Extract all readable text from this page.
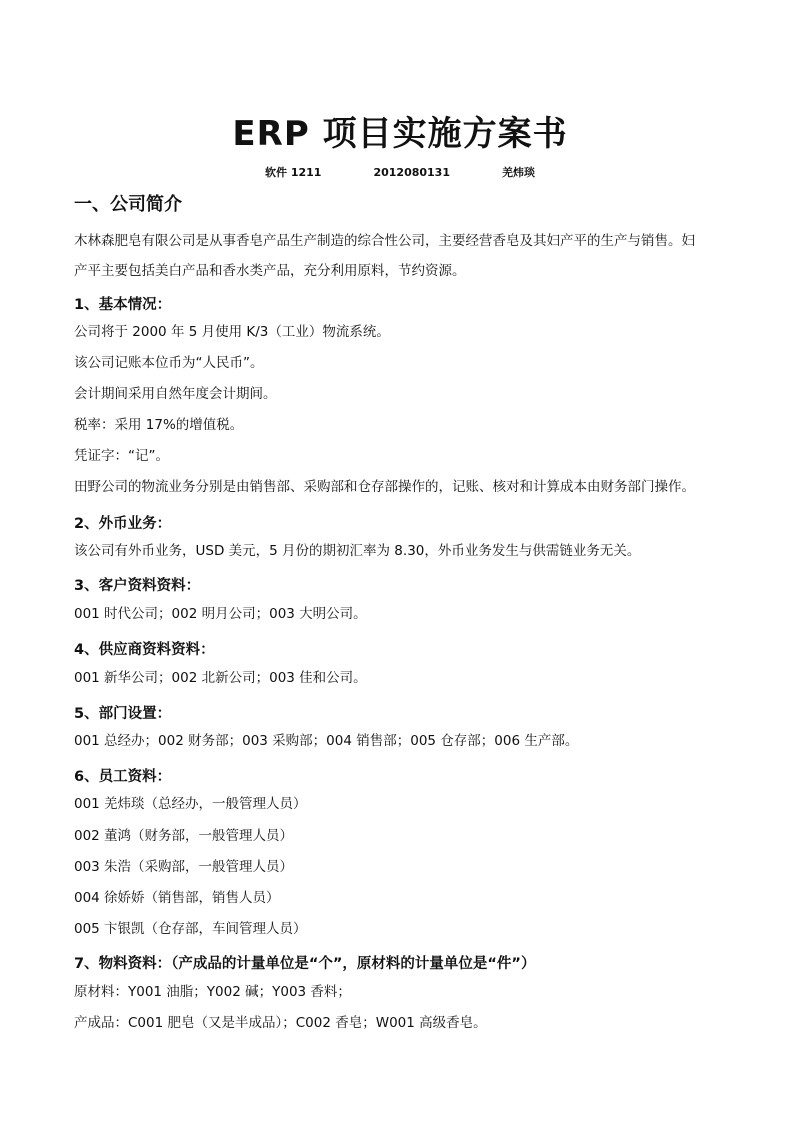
ERP 项目实施方案书
软件 1211	2012080131	羌炜琰
一、公司简介

木林森肥皂有限公司是从事香皂产品生产制造的综合性公司，主要经营香皂及其妇产平的生产与销售。妇

产平主要包括美白产品和香水类产品，充分利用原料，节约资源。

1、基本情况：

公司将于 2000 年 5 月使用 K/3（工业）物流系统。

该公司记账本位币为“人民币”。

会计期间采用自然年度会计期间。

税率：采用 17%的增值税。

凭证字：“记”。

田野公司的物流业务分别是由销售部、采购部和仓存部操作的，记账、核对和计算成本由财务部门操作。

2、外币业务：

该公司有外币业务，USD 美元，5 月份的期初汇率为 8.30，外币业务发生与供需链业务无关。

3、客户资料资料：

001 时代公司；002 明月公司；003 大明公司。

4、供应商资料资料：

001 新华公司；002 北新公司；003 佳和公司。

5、部门设置：

001 总经办；002 财务部；003 采购部；004 销售部；005 仓存部；006 生产部。

6、员工资料：

001 羌炜琰（总经办，一般管理人员）

002 董鸿（财务部，一般管理人员）

003 朱浩（采购部，一般管理人员）

004 徐娇娇（销售部，销售人员）

005 卞银凯（仓存部，车间管理人员）

7、物料资料：（产成品的计量单位是“个”，原材料的计量单位是“件”）

原材料：Y001 油脂；Y002 碱；Y003 香料；

产成品：C001 肥皂（又是半成品）；C002 香皂；W001 高级香皂。
